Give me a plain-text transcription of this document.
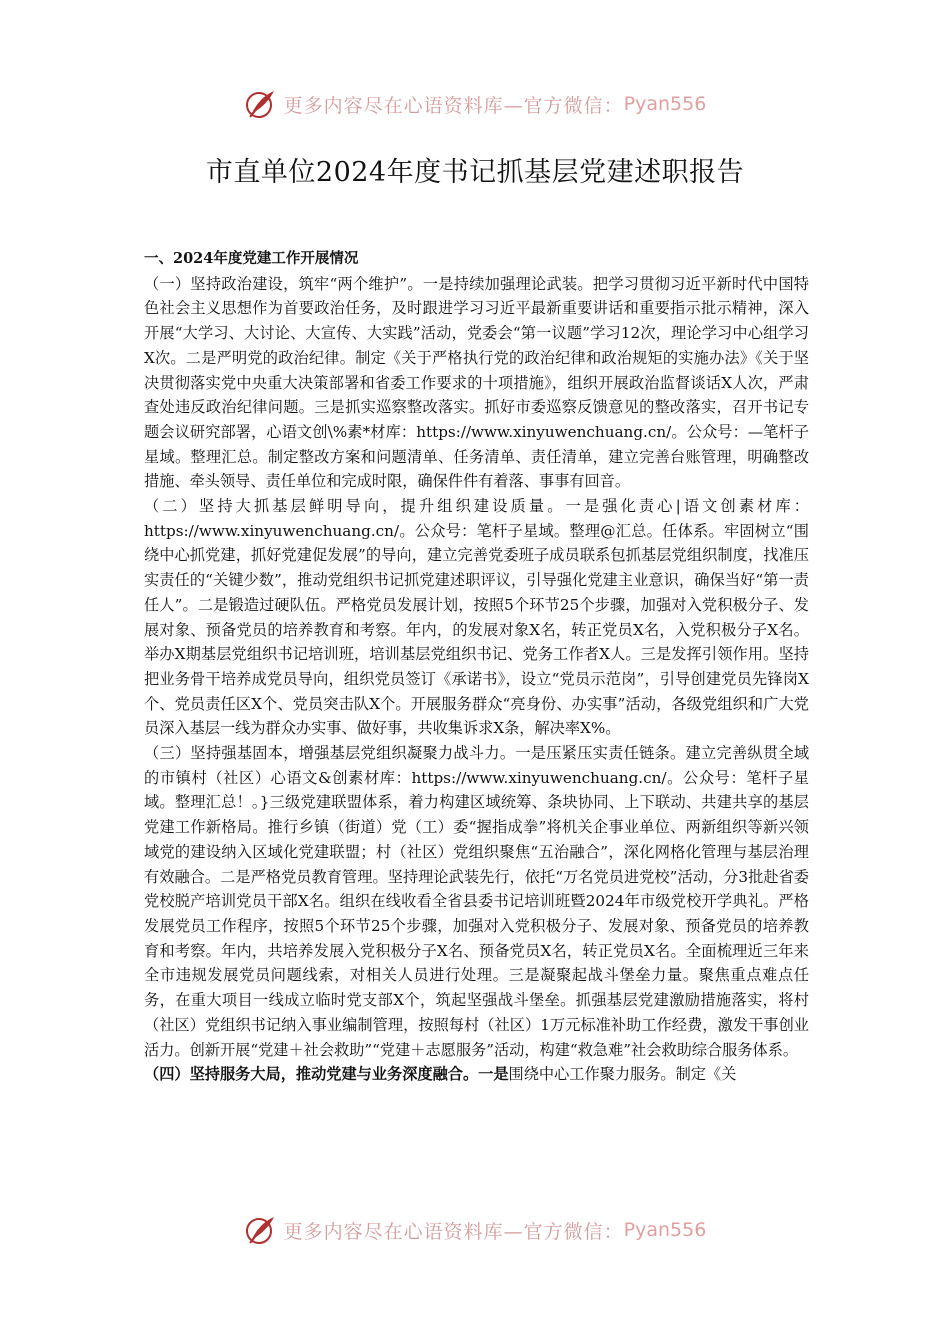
更多内容尽在心语资料库—官方微信： Pyan556
市直单位2024年度书记抓基层党建述职报告

一、2024年度党建工作开展情况

（一）坚持政治建设，筑牢“两个维护”。一是持续加强理论武装。把学习贯彻习近平新时代中国特色社会主义思想作为首要政治任务，及时跟进学习习近平最新重要讲话和重要指示批示精神，深入开展“大学习、大讨论、大宣传、大实践”活动，党委会“第一议题”学习12次，理论学习中心组学习X次。二是严明党的政治纪律。制定《关于严格执行党的政治纪律和政治规矩的实施办法》《关于坚决贯彻落实党中央重大决策部署和省委工作要求的十项措施》，组织开展政治监督谈话X人次，严肃查处违反政治纪律问题。三是抓实巡察整改落实。抓好市委巡察反馈意见的整改落实，召开书记专题会议研究部署，心语文创\%素*材库：https://www.xinyuwenchuang.cn/。公众号：—笔杆子星域。整理汇总。制定整改方案和问题清单、任务清单、责任清单，建立完善台账管理，明确整改措施、牵头领导、责任单位和完成时限，确保件件有着落、事事有回音。

（二）坚持大抓基层鲜明导向，提升组织建设质量。一是强化责心|语文创素材库：https://www.xinyuwenchuang.cn/。公众号：笔杆子星域。整理@汇总。任体系。牢固树立“围绕中心抓党建，抓好党建促发展”的导向，建立完善党委班子成员联系包抓基层党组织制度，找准压实责任的“关键少数”，推动党组织书记抓党建述职评议，引导强化党建主业意识，确保当好“第一责任人”。二是锻造过硬队伍。严格党员发展计划，按照5个环节25个步骤，加强对入党积极分子、发展对象、预备党员的培养教育和考察。年内，的发展对象X名，转正党员X名，入党积极分子X名。举办X期基层党组织书记培训班，培训基层党组织书记、党务工作者X人。三是发挥引领作用。坚持把业务骨干培养成党员导向，组织党员签订《承诺书》，设立“党员示范岗”，引导创建党员先锋岗X个、党员责任区X个、党员突击队X个。开展服务群众“亮身份、办实事”活动，各级党组织和广大党员深入基层一线为群众办实事、做好事，共收集诉求X条，解决率X%。

（三）坚持强基固本，增强基层党组织凝聚力战斗力。一是压紧压实责任链条。建立完善纵贯全域的市镇村（社区）心语文&创素材库：https://www.xinyuwenchuang.cn/。公众号：笔杆子星域。整理汇总！。}三级党建联盟体系，着力构建区域统筹、条块协同、上下联动、共建共享的基层党建工作新格局。推行乡镇（街道）党（工）委“握指成拳”将机关企事业单位、两新组织等新兴领域党的建设纳入区域化党建联盟；村（社区）党组织聚焦“五治融合”，深化网格化管理与基层治理有效融合。二是严格党员教育管理。坚持理论武装先行，依托“万名党员进党校”活动，分3批赴省委党校脱产培训党员干部X名。组织在线收看全省县委书记培训班暨2024年市级党校开学典礼。严格发展党员工作程序，按照5个环节25个步骤，加强对入党积极分子、发展对象、预备党员的培养教育和考察。年内，共培养发展入党积极分子X名、预备党员X名，转正党员X名。全面梳理近三年来全市违规发展党员问题线索，对相关人员进行处理。三是凝聚起战斗堡垒力量。聚焦重点难点任务，在重大项目一线成立临时党支部X个，筑起坚强战斗堡垒。抓强基层党建激励措施落实，将村（社区）党组织书记纳入事业编制管理，按照每村（社区）1万元标准补助工作经费，激发干事创业活力。创新开展“党建＋社会救助”“党建＋志愿服务”活动，构建“救急难”社会救助综合服务体系。

（四）坚持服务大局，推动党建与业务深度融合。一是围绕中心工作聚力服务。制定《关

更多内容尽在心语资料库—官方微信： Pyan556
